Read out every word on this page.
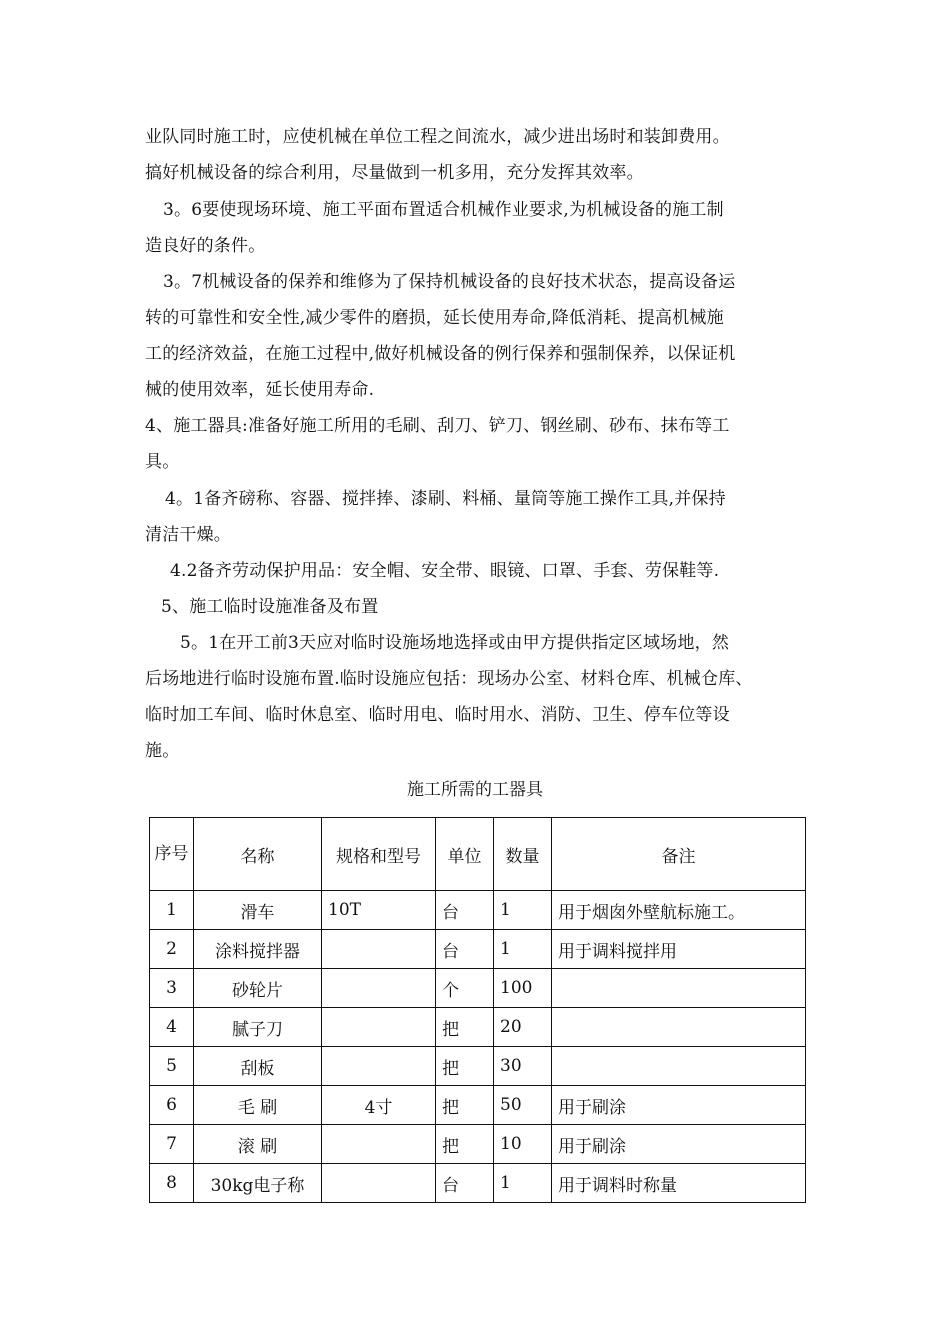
业队同时施工时，应使机械在单位工程之间流水，减少进出场时和装卸费用。
搞好机械设备的综合利用，尽量做到一机多用，充分发挥其效率。
3。6要使现场环境、施工平面布置适合机械作业要求,为机械设备的施工制
造良好的条件。
3。7机械设备的保养和维修为了保持机械设备的良好技术状态，提高设备运
转的可靠性和安全性,减少零件的磨损，延长使用寿命,降低消耗、提高机械施
工的经济效益，在施工过程中,做好机械设备的例行保养和强制保养，以保证机
械的使用效率，延长使用寿命.
4、施工器具:准备好施工所用的毛刷、刮刀、铲刀、钢丝刷、砂布、抹布等工
具。
4。1备齐磅称、容器、搅拌捧、漆刷、料桶、量筒等施工操作工具,并保持
清洁干燥。
4.2备齐劳动保护用品：安全帽、安全带、眼镜、口罩、手套、劳保鞋等.
5、施工临时设施准备及布置
5。1在开工前3天应对临时设施场地选择或由甲方提供指定区域场地，然
后场地进行临时设施布置.临时设施应包括：现场办公室、材料仓库、机械仓库、
临时加工车间、临时休息室、临时用电、临时用水、消防、卫生、停车位等设
施。
施工所需的工器具
序号	名称	规格和型号	单位	数量	备注
1	滑车	10T	台	1	用于烟囱外壁航标施工。
2	涂料搅拌器		台	1	用于调料搅拌用
3	砂轮片		个	100	
4	腻子刀		把	20	
5	刮板		把	30	
6	毛 刷	4寸	把	50	用于刷涂
7	滚 刷		把	10	用于刷涂
8	30kg电子称		台	1	用于调料时称量
